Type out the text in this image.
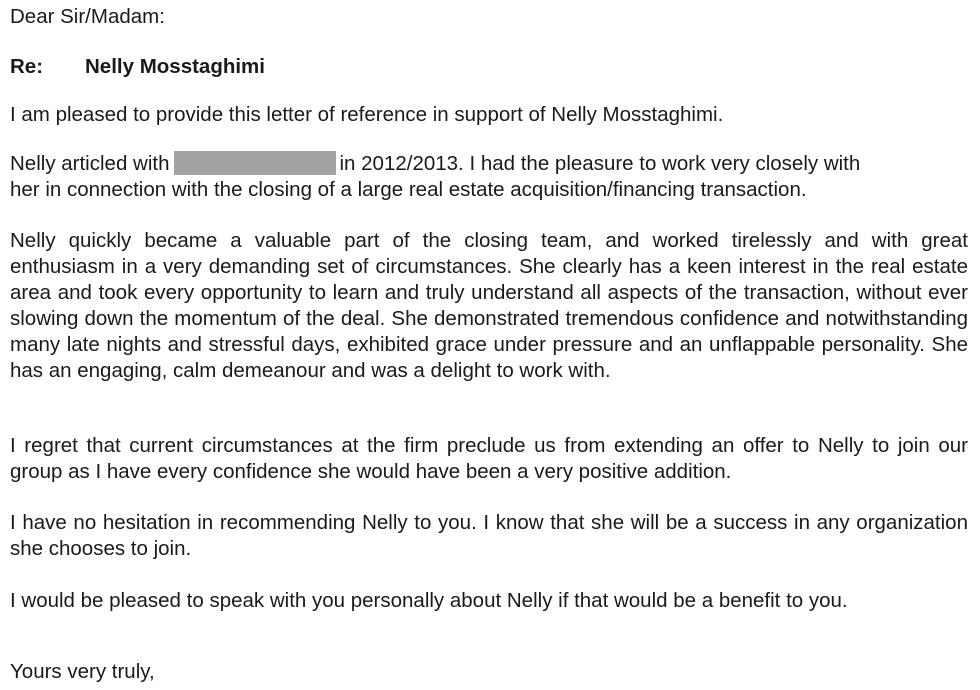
Dear Sir/Madam:
Re: Nelly Mosstaghimi
I am pleased to provide this letter of reference in support of Nelly Mosstaghimi.
Nelly articled with	in 2012/2013. I had the pleasure to work very closely with
her in connection with the closing of a large real estate acquisition/financing transaction.
Nelly quickly became a valuable part of the closing team, and worked tirelessly and with great enthusiasm in a very demanding set of circumstances. She clearly has a keen interest in the real estate area and took every opportunity to learn and truly understand all aspects of the transaction, without ever slowing down the momentum of the deal. She demonstrated tremendous confidence and notwithstanding many late nights and stressful days, exhibited grace under pressure and an unflappable personality. She has an engaging, calm demeanour and was a delight to work with.
I regret that current circumstances at the firm preclude us from extending an offer to Nelly to join our group as I have every confidence she would have been a very positive addition.
I have no hesitation in recommending Nelly to you. I know that she will be a success in any organization she chooses to join.
I would be pleased to speak with you personally about Nelly if that would be a benefit to you.
Yours very truly,
